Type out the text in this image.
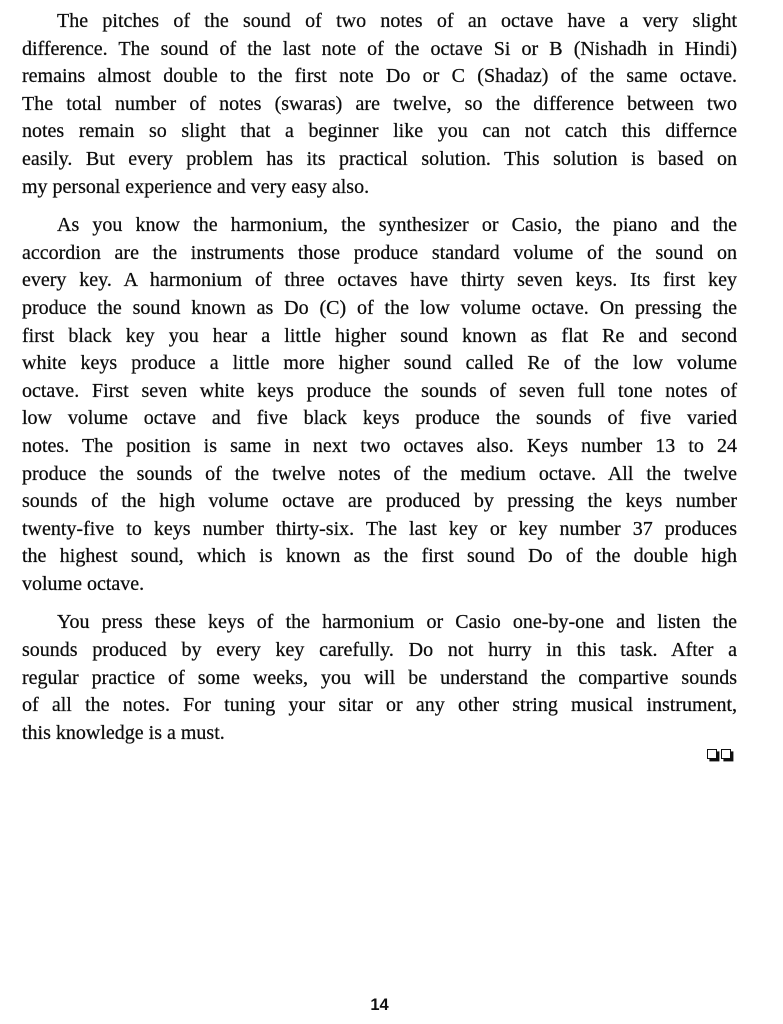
The pitches of the sound of two notes of an octave have a very slight
difference. The sound of the last note of the octave Si or B (Nishadh in Hindi)
remains almost double to the first note Do or C (Shadaz) of the same octave.
The total number of notes (swaras) are twelve, so the difference between two
notes remain so slight that a beginner like you can not catch this differnce
easily. But every problem has its practical solution. This solution is based on
my personal experience and very easy also.
As you know the harmonium, the synthesizer or Casio, the piano and the
accordion are the instruments those produce standard volume of the sound on
every key. A harmonium of three octaves have thirty seven keys. Its first key
produce the sound known as Do (C) of the low volume octave. On pressing the
first black key you hear a little higher sound known as flat Re and second
white keys produce a little more higher sound called Re of the low volume
octave. First seven white keys produce the sounds of seven full tone notes of
low volume octave and five black keys produce the sounds of five varied
notes. The position is same in next two octaves also. Keys number 13 to 24
produce the sounds of the twelve notes of the medium octave. All the twelve
sounds of the high volume octave are produced by pressing the keys number
twenty-five to keys number thirty-six. The last key or key number 37 produces
the highest sound, which is known as the first sound Do of the double high
volume octave.
You press these keys of the harmonium or Casio one-by-one and listen the
sounds produced by every key carefully. Do not hurry in this task. After a
regular practice of some weeks, you will be understand the compartive sounds
of all the notes. For tuning your sitar or any other string musical instrument,
this knowledge is a must.
14
